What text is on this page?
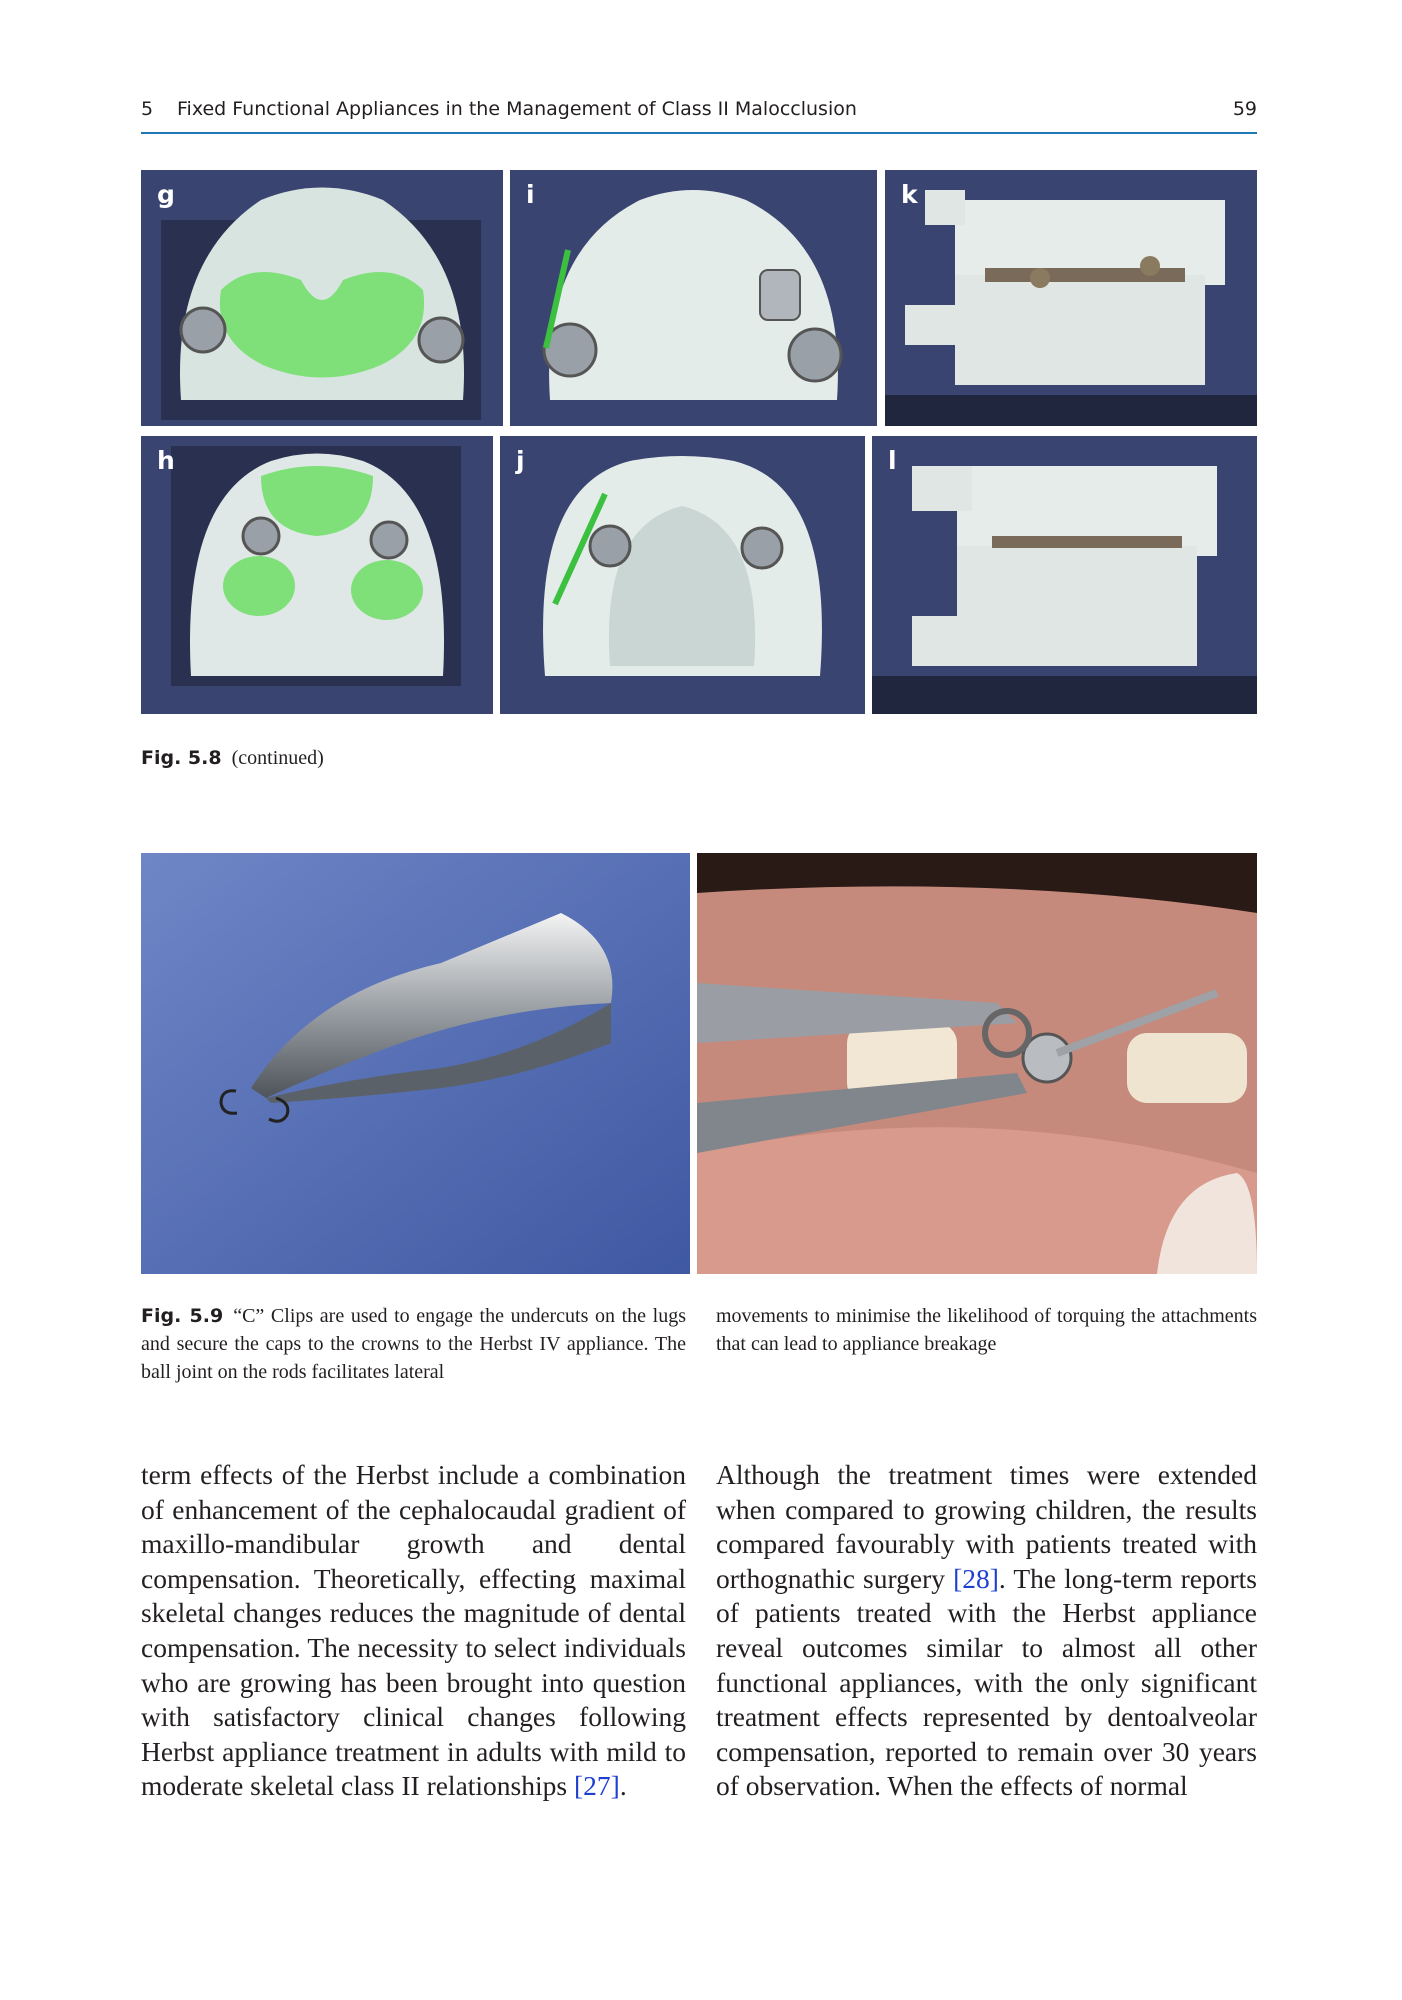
5 Fixed Functional Appliances in the Management of Class II Malocclusion	59
g	i	k
h	j	l
Fig. 5.8 (continued)
Fig. 5.9 “C” Clips are used to engage the undercuts on the lugs and secure the caps to the crowns to the Herbst IV appliance. The ball joint on the rods facilitates lateral
movements to minimise the likelihood of torquing the attachments that can lead to appliance breakage
term effects of the Herbst include a combination of enhancement of the cephalocaudal gradient of maxillo-mandibular growth and dental compensation. Theoretically, effecting maximal skeletal changes reduces the magnitude of dental compensation. The necessity to select individuals who are growing has been brought into question with satisfactory clinical changes following Herbst appliance treatment in adults with mild to moderate skeletal class II relationships [27].
Although the treatment times were extended when compared to growing children, the results compared favourably with patients treated with orthognathic surgery [28]. The long-term reports of patients treated with the Herbst appliance reveal outcomes similar to almost all other functional appliances, with the only significant treatment effects represented by dentoalveolar compensation, reported to remain over 30 years of observation. When the effects of normal
